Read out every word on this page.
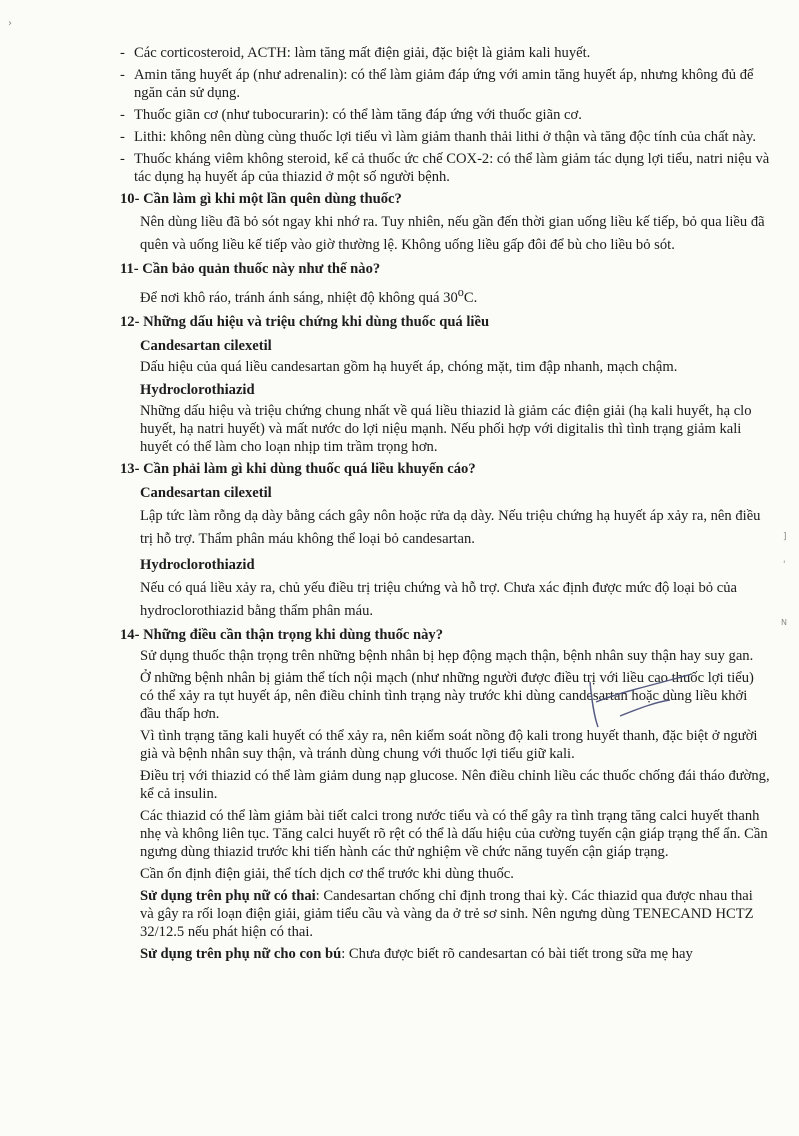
- Các corticosteroid, ACTH: làm tăng mất điện giải, đặc biệt là giảm kali huyết.
- Amin tăng huyết áp (như adrenalin): có thể làm giảm đáp ứng với amin tăng huyết áp, nhưng không đủ để ngăn cản sử dụng.
- Thuốc giãn cơ (như tubocurarin): có thể làm tăng đáp ứng với thuốc giãn cơ.
- Lithi: không nên dùng cùng thuốc lợi tiểu vì làm giảm thanh thải lithi ở thận và tăng độc tính của chất này.
- Thuốc kháng viêm không steroid, kể cả thuốc ức chế COX-2: có thể làm giảm tác dụng lợi tiểu, natri niệu và tác dụng hạ huyết áp của thiazid ở một số người bệnh.
10- Cần làm gì khi một lần quên dùng thuốc?
Nên dùng liều đã bỏ sót ngay khi nhớ ra. Tuy nhiên, nếu gần đến thời gian uống liều kế tiếp, bỏ qua liều đã quên và uống liều kế tiếp vào giờ thường lệ. Không uống liều gấp đôi để bù cho liều bỏ sót.
11- Cần bảo quản thuốc này như thế nào?
Để nơi khô ráo, tránh ánh sáng, nhiệt độ không quá 30$^o$C.
12- Những dấu hiệu và triệu chứng khi dùng thuốc quá liều
Candesartan cilexetil
Dấu hiệu của quá liều candesartan gồm hạ huyết áp, chóng mặt, tim đập nhanh, mạch chậm.
Hydroclorothiazid
Những dấu hiệu và triệu chứng chung nhất về quá liều thiazid là giảm các điện giải (hạ kali huyết, hạ clo huyết, hạ natri huyết) và mất nước do lợi niệu mạnh. Nếu phối hợp với digitalis thì tình trạng giảm kali huyết có thể làm cho loạn nhịp tim trầm trọng hơn.
13- Cần phải làm gì khi dùng thuốc quá liều khuyến cáo?
Candesartan cilexetil
Lập tức làm rỗng dạ dày bằng cách gây nôn hoặc rửa dạ dày. Nếu triệu chứng hạ huyết áp xảy ra, nên điều trị hỗ trợ. Thẩm phân máu không thể loại bỏ candesartan.
Hydroclorothiazid
Nếu có quá liều xảy ra, chủ yếu điều trị triệu chứng và hỗ trợ. Chưa xác định được mức độ loại bỏ của hydroclorothiazid bằng thẩm phân máu.
14- Những điều cần thận trọng khi dùng thuốc này?
Sử dụng thuốc thận trọng trên những bệnh nhân bị hẹp động mạch thận, bệnh nhân suy thận hay suy gan.
Ở những bệnh nhân bị giảm thể tích nội mạch (như những người được điều trị với liều cao thuốc lợi tiểu) có thể xảy ra tụt huyết áp, nên điều chỉnh tình trạng này trước khi dùng candesartan hoặc dùng liều khởi đầu thấp hơn.
Vì tình trạng tăng kali huyết có thể xảy ra, nên kiểm soát nồng độ kali trong huyết thanh, đặc biệt ở người già và bệnh nhân suy thận, và tránh dùng chung với thuốc lợi tiểu giữ kali.
Điều trị với thiazid có thể làm giảm dung nạp glucose. Nên điều chỉnh liều các thuốc chống đái tháo đường, kể cả insulin.
Các thiazid có thể làm giảm bài tiết calci trong nước tiểu và có thể gây ra tình trạng tăng calci huyết thanh nhẹ và không liên tục. Tăng calci huyết rõ rệt có thể là dấu hiệu của cường tuyến cận giáp trạng thể ẩn. Cần ngưng dùng thiazid trước khi tiến hành các thử nghiệm về chức năng tuyến cận giáp trạng.
Cần ổn định điện giải, thể tích dịch cơ thể trước khi dùng thuốc.
Sử dụng trên phụ nữ có thai: Candesartan chống chỉ định trong thai kỳ. Các thiazid qua được nhau thai và gây ra rối loạn điện giải, giảm tiểu cầu và vàng da ở trẻ sơ sinh. Nên ngưng dùng TENECAND HCTZ 32/12.5 nếu phát hiện có thai.
Sử dụng trên phụ nữ cho con bú: Chưa được biết rõ candesartan có bài tiết trong sữa mẹ hay
›
]
'
N
